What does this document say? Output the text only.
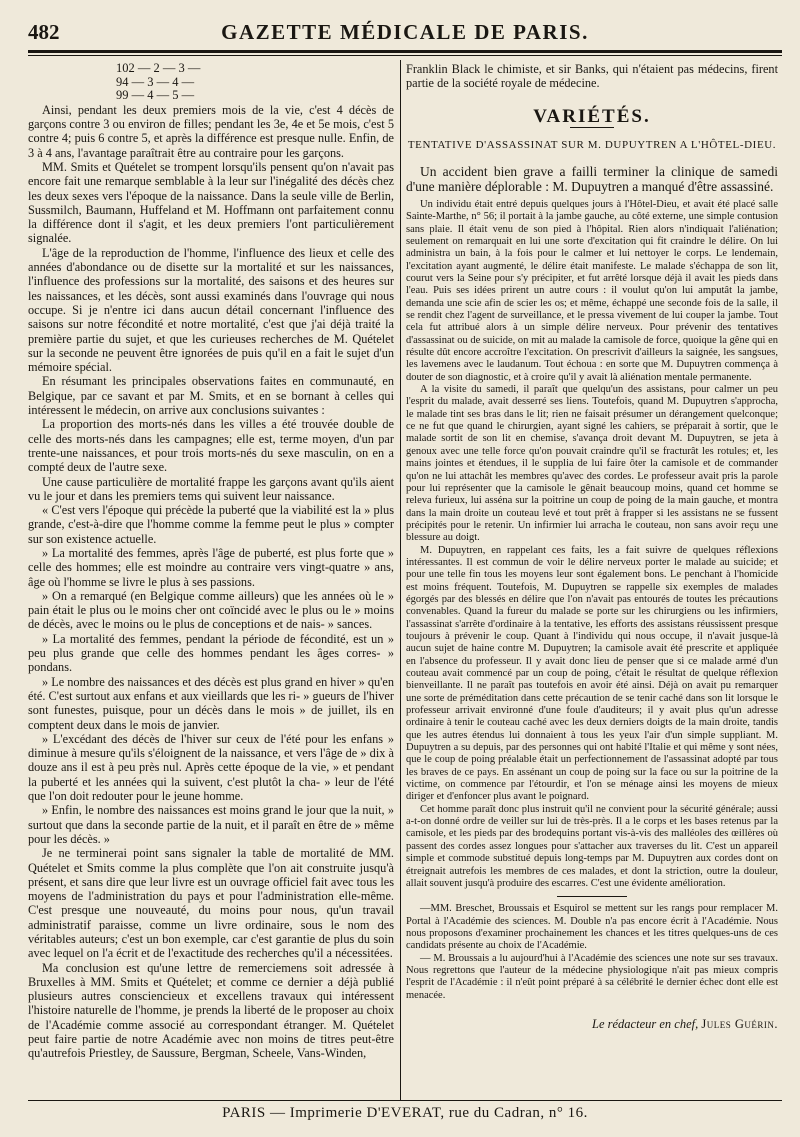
482	GAZETTE MÉDICALE DE PARIS.
102 — 2 — 3 —
94 — 3 — 4 —
99 — 4 — 5 —

Ainsi, pendant les deux premiers mois de la vie, c'est 4 décès de garçons contre 3 ou environ de filles; pendant les 3e, 4e et 5e mois, c'est 5 contre 4; puis 6 contre 5, et après la différence est presque nulle. Enfin, de 3 à 4 ans, l'avantage paraîtrait être au contraire pour les garçons.

MM. Smits et Quételet se trompent lorsqu'ils pensent qu'on n'avait pas encore fait une remarque semblable à la leur sur l'inégalité des décès chez les deux sexes vers l'époque de la naissance. Dans la seule ville de Berlin, Sussmilch, Baumann, Huffeland et M. Hoffmann ont parfaitement connu la différence dont il s'agit, et les deux premiers l'ont particulièrement signalée.

L'âge de la reproduction de l'homme, l'influence des lieux et celle des années d'abondance ou de disette sur la mortalité et sur les naissances, l'influence des professions sur la mortalité, des saisons et des heures sur les naissances, et les décès, sont aussi examinés dans l'ouvrage qui nous occupe. Si je n'entre ici dans aucun détail concernant l'influence des saisons sur notre fécondité et notre mortalité, c'est que j'ai déjà traité la première partie du sujet, et que les curieuses recherches de M. Quételet sur la seconde ne peuvent être ignorées de puis qu'il en a fait le sujet d'un mémoire spécial.

En résumant les principales observations faites en communauté, en Belgique, par ce savant et par M. Smits, et en se bornant à celles qui intéressent le médecin, on arrive aux conclusions suivantes :

La proportion des morts-nés dans les villes a été trouvée double de celle des morts-nés dans les campagnes; elle est, terme moyen, d'un par trente-une naissances, et pour trois morts-nés du sexe masculin, on en a compté deux de l'autre sexe.

Une cause particulière de mortalité frappe les garçons avant qu'ils aient vu le jour et dans les premiers tems qui suivent leur naissance.

« C'est vers l'époque qui précède la puberté que la viabilité est la » plus grande, c'est-à-dire que l'homme comme la femme peut le plus » compter sur son existence actuelle.

» La mortalité des femmes, après l'âge de puberté, est plus forte que » celle des hommes; elle est moindre au contraire vers vingt-quatre » ans, âge où l'homme se livre le plus à ses passions.

» On a remarqué (en Belgique comme ailleurs) que les années où le » pain était le plus ou le moins cher ont coïncidé avec le plus ou le » moins de décès, avec le moins ou le plus de conceptions et de nais- » sances.

» La mortalité des femmes, pendant la période de fécondité, est un » peu plus grande que celle des hommes pendant les âges corres- » pondans.

» Le nombre des naissances et des décès est plus grand en hiver » qu'en été. C'est surtout aux enfans et aux vieillards que les ri- » gueurs de l'hiver sont funestes, puisque, pour un décès dans le mois » de juillet, ils en comptent deux dans le mois de janvier.

» L'excédant des décès de l'hiver sur ceux de l'été pour les enfans » diminue à mesure qu'ils s'éloignent de la naissance, et vers l'âge de » dix à douze ans il est à peu près nul. Après cette époque de la vie, » et pendant la puberté et les années qui la suivent, c'est plutôt la cha- » leur de l'été que l'on doit redouter pour le jeune homme.

» Enfin, le nombre des naissances est moins grand le jour que la nuit, » surtout que dans la seconde partie de la nuit, et il paraît en être de » même pour les décès. »

Je ne terminerai point sans signaler la table de mortalité de MM. Quételet et Smits comme la plus complète que l'on ait construite jusqu'à présent, et sans dire que leur livre est un ouvrage officiel fait avec tous les moyens de l'administration du pays et pour l'administration elle-même. C'est presque une nouveauté, du moins pour nous, qu'un travail administratif paraisse, comme un livre ordinaire, sous le nom des véritables auteurs; c'est un bon exemple, car c'est garantie de plus du soin avec lequel on l'a écrit et de l'exactitude des recherches qu'il a nécessitées.

Ma conclusion est qu'une lettre de remerciemens soit adressée à Bruxelles à MM. Smits et Quételet; et comme ce dernier a déjà publié plusieurs autres consciencieux et excellens travaux qui intéressent l'histoire naturelle de l'homme, je prends la liberté de le proposer au choix de l'Académie comme associé au correspondant étranger. M. Quételet peut faire partie de notre Académie avec non moins de titres peut-être qu'autrefois Priestley, de Saussure, Bergman, Scheele, Vans-Winden,

Franklin Black le chimiste, et sir Banks, qui n'étaient pas médecins, firent partie de la société royale de médecine.

VARIÉTÉS.
TENTATIVE D'ASSASSINAT SUR M. DUPUYTREN A L'HÔTEL-DIEU.

Un accident bien grave a failli terminer la clinique de samedi d'une manière déplorable : M. Dupuytren a manqué d'être assassiné.

Un individu était entré depuis quelques jours à l'Hôtel-Dieu, et avait été placé salle Sainte-Marthe, n° 56; il portait à la jambe gauche, au côté externe, une simple contusion sans plaie. Il était venu de son pied à l'hôpital. Rien alors n'indiquait l'aliénation; seulement on remarquait en lui une sorte d'excitation qui fit craindre le délire. On lui administra un bain, à la fois pour le calmer et lui nettoyer le corps. Le lendemain, l'excitation ayant augmenté, le délire était manifeste. Le malade s'échappa de son lit, courut vers la Seine pour s'y précipiter, et fut arrêté lorsque déjà il avait les pieds dans l'eau. Puis ses idées prirent un autre cours : il voulut qu'on lui amputât la jambe, demanda une scie afin de scier les os; et même, échappé une seconde fois de la salle, il se rendit chez l'agent de surveillance, et le pressa vivement de lui couper la jambe. Tout cela fut attribué alors à un simple délire nerveux. Pour prévenir des tentatives d'assassinat ou de suicide, on mit au malade la camisole de force, quoique la gêne qui en résulte dût encore accroître l'excitation. On prescrivit d'ailleurs la saignée, les sangsues, les lavemens avec le laudanum. Tout échoua : en sorte que M. Dupuytren commença à douter de son diagnostic, et à croire qu'il y avait là aliénation mentale permanente.

A la visite du samedi, il paraît que quelqu'un des assistans, pour calmer un peu l'esprit du malade, avait desserré ses liens. Toutefois, quand M. Dupuytren s'approcha, le malade tint ses bras dans le lit; rien ne faisait présumer un dérangement quelconque; ce ne fut que quand le chirurgien, ayant signé les cahiers, se préparait à sortir, que le malade sortit de son lit en chemise, s'avança droit devant M. Dupuytren, se jeta à genoux avec une telle force qu'on pouvait craindre qu'il se fracturât les rotules; et, les mains jointes et étendues, il le supplia de lui faire ôter la camisole et de commander qu'on ne lui attachât les membres qu'avec des cordes. Le professeur avait pris la parole pour lui représenter que la camisole le gênait beaucoup moins, quand cet homme se releva furieux, lui asséna sur la poitrine un coup de poing de la main gauche, et montra dans la main droite un couteau levé et tout prêt à frapper si les assistans ne se fussent précipités pour le retenir. Un infirmier lui arracha le couteau, non sans avoir reçu une blessure au doigt.

M. Dupuytren, en rappelant ces faits, les a fait suivre de quelques réflexions intéressantes. Il est commun de voir le délire nerveux porter le malade au suicide; et pour une telle fin tous les moyens leur sont également bons. Le penchant à l'homicide est moins fréquent. Toutefois, M. Dupuytren se rappelle six exemples de malades égorgés par des blessés en délire que l'on n'avait pas entourés de toutes les précautions convenables. Quand la fureur du malade se porte sur les chirurgiens ou les infirmiers, l'assassinat s'arrête d'ordinaire à la tentative, les efforts des assistans réussissent presque toujours à prévenir le coup. Quant à l'individu qui nous occupe, il n'avait jusque-là aucun sujet de haine contre M. Dupuytren; la camisole avait été prescrite et appliquée en l'absence du professeur. Il y avait donc lieu de penser que si ce malade armé d'un couteau avait commencé par un coup de poing, c'était le résultat de quelque réflexion bienveillante. Il ne paraît pas toutefois en avoir été ainsi. Déjà on avait pu remarquer une sorte de préméditation dans cette précaution de se tenir caché dans son lit lorsque le professeur arrivait environné d'une foule d'auditeurs; il y avait plus qu'un adresse ordinaire à tenir le couteau caché avec les deux derniers doigts de la main droite, tandis que les autres étendus lui donnaient à tous les yeux l'air d'un simple suppliant. M. Dupuytren a su depuis, par des personnes qui ont habité l'Italie et qui même y sont nées, que le coup de poing préalable était un perfectionnement de l'assassinat adopté par tous les braves de ce pays. En assénant un coup de poing sur la face ou sur la poitrine de la victime, on commence par l'étourdir, et l'on se ménage ainsi les moyens de mieux diriger et d'enfoncer plus avant le poignard.

Cet homme paraît donc plus instruit qu'il ne convient pour la sécurité générale; aussi a-t-on donné ordre de veiller sur lui de très-près. Il a le corps et les bases retenus par la camisole, et les pieds par des brodequins portant vis-à-vis des malléoles des œillères où passent des cordes assez longues pour s'attacher aux traverses du lit. C'est un appareil simple et commode substitué depuis long-temps par M. Dupuytren aux cordes dont on étreignait autrefois les membres de ces malades, et dont la striction, outre la douleur, allait souvent jusqu'à produire des escarres. C'est une évidente amélioration.

—MM. Breschet, Broussais et Esquirol se mettent sur les rangs pour remplacer M. Portal à l'Académie des sciences. M. Double n'a pas encore écrit à l'Académie. Nous nous proposons d'examiner prochainement les chances et les titres quelques-uns de ces candidats présente au choix de l'Académie.

— M. Broussais a lu aujourd'hui à l'Académie des sciences une note sur ses travaux. Nous regrettons que l'auteur de la médecine physiologique n'ait pas mieux compris l'esprit de l'Académie : il n'eût point préparé à sa célébrité le dernier échec dont elle est menacée.

Le rédacteur en chef, Jules Guérin.

PARIS — Imprimerie D'EVERAT, rue du Cadran, n° 16.
